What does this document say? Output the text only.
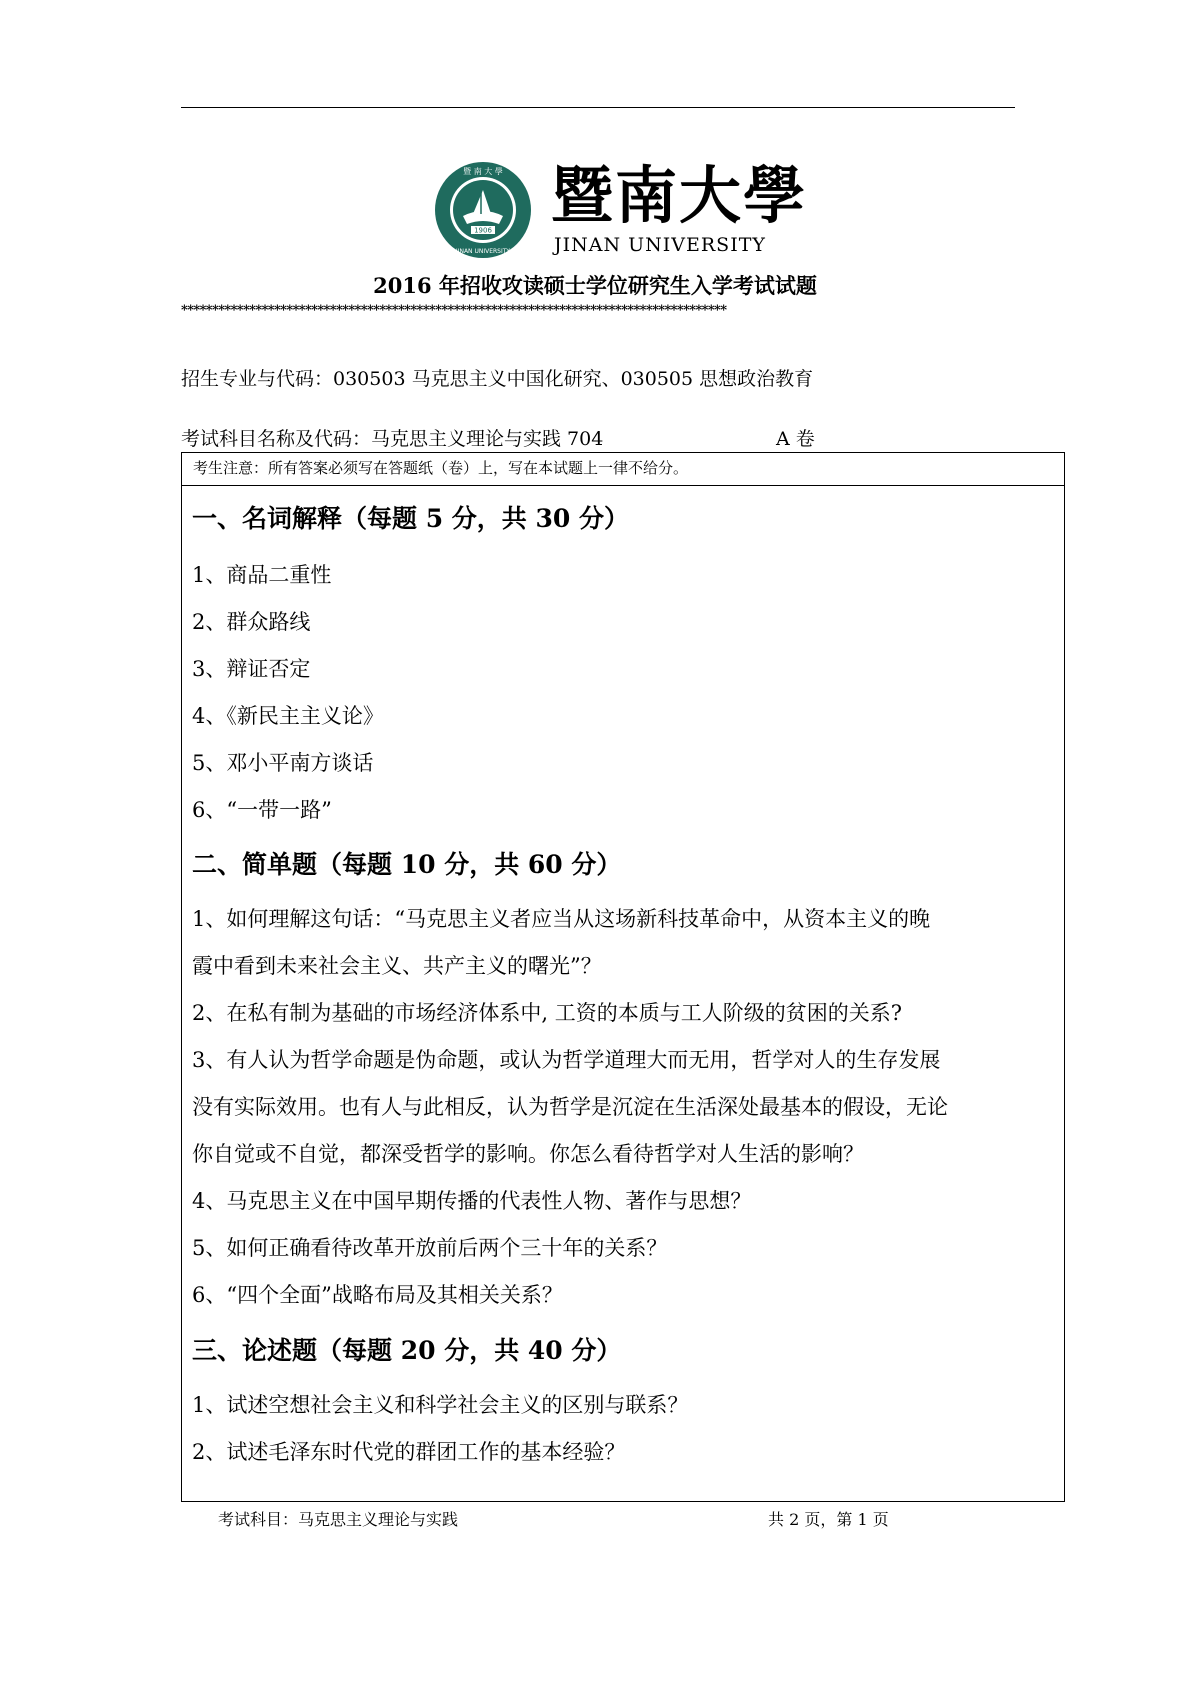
1906
暨 南 大 學
JINAN UNIVERSITY
暨南大學
JINAN UNIVERSITY
2016 年招收攻读硕士学位研究生入学考试试题
****************************************************************************************
招生专业与代码：030503 马克思主义中国化研究、030505 思想政治教育
考试科目名称及代码：马克思主义理论与实践 704	A 卷
考生注意：所有答案必须写在答题纸（卷）上，写在本试题上一律不给分。
一、名词解释（每题 5 分，共 30 分）
1、商品二重性
2、群众路线
3、辩证否定
4、《新民主主义论》
5、邓小平南方谈话
6、“一带一路”
二、简单题（每题 10 分，共 60 分）
1、如何理解这句话：“马克思主义者应当从这场新科技革命中，从资本主义的晚
霞中看到未来社会主义、共产主义的曙光”？
2、在私有制为基础的市场经济体系中, 工资的本质与工人阶级的贫困的关系?
3、有人认为哲学命题是伪命题，或认为哲学道理大而无用，哲学对人的生存发展
没有实际效用。也有人与此相反，认为哲学是沉淀在生活深处最基本的假设，无论
你自觉或不自觉，都深受哲学的影响。你怎么看待哲学对人生活的影响？
4、马克思主义在中国早期传播的代表性人物、著作与思想？
5、如何正确看待改革开放前后两个三十年的关系？
6、“四个全面”战略布局及其相关关系？
三、论述题（每题 20 分，共 40 分）
1、试述空想社会主义和科学社会主义的区别与联系？
2、试述毛泽东时代党的群团工作的基本经验？
考试科目：马克思主义理论与实践	共 2 页，第 1 页
